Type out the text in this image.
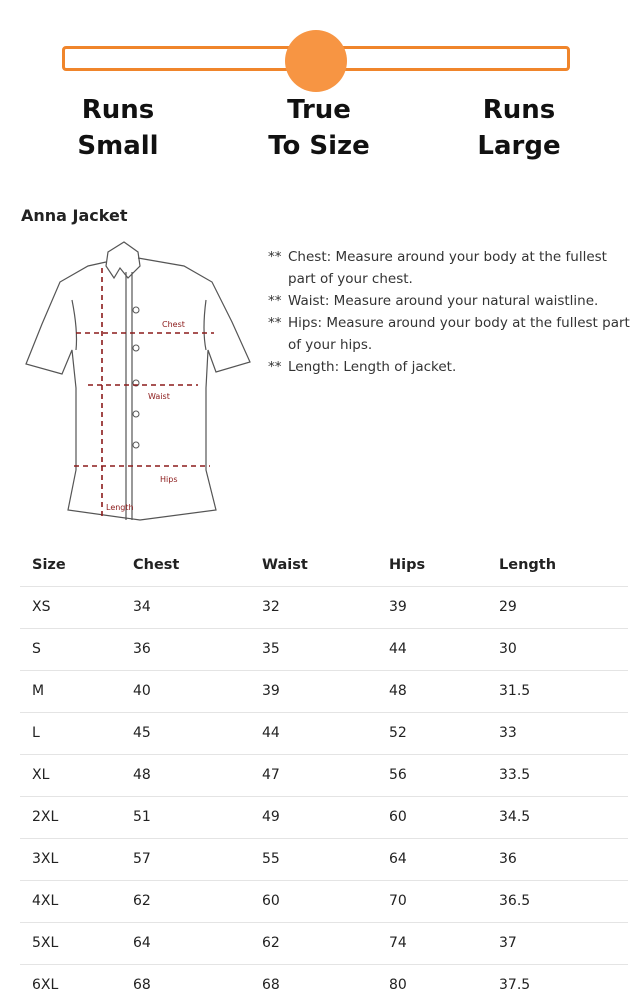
Runs
Small
True
To Size
Runs
Large
Anna Jacket
Chest
Waist
Hips
Length
** Chest: Measure around your body at the fullest part of your chest.
** Waist: Measure around your natural waistline.
** Hips: Measure around your body at the fullest part of your hips.
** Length: Length of jacket.
Size	Chest	Waist	Hips	Length
XS	34	32	39	29
S	36	35	44	30
M	40	39	48	31.5
L	45	44	52	33
XL	48	47	56	33.5
2XL	51	49	60	34.5
3XL	57	55	64	36
4XL	62	60	70	36.5
5XL	64	62	74	37
6XL	68	68	80	37.5
